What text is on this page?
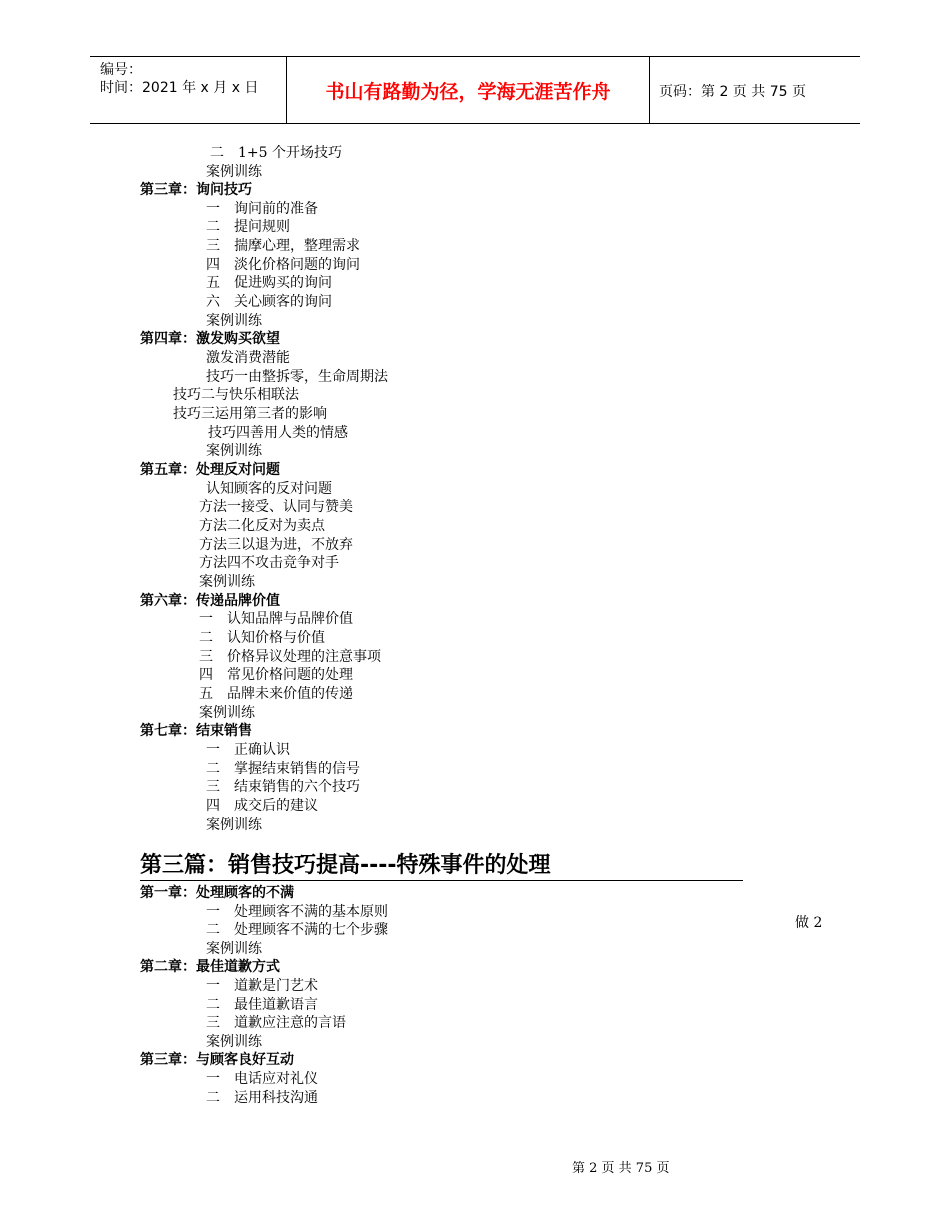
编号：
时间：2021 年 x 月 x 日	书山有路勤为径，学海无涯苦作舟	页码：第 2 页 共 75 页
二　1+5 个开场技巧
案例训练
第三章：询问技巧
一　询问前的准备
二　提问规则
三　揣摩心理，整理需求
四　淡化价格问题的询问
五　促进购买的询问
六　关心顾客的询问
案例训练
第四章：激发购买欲望
激发消费潜能
技巧一由整拆零，生命周期法
技巧二与快乐相联法
技巧三运用第三者的影响
技巧四善用人类的情感
案例训练
第五章：处理反对问题
认知顾客的反对问题
方法一接受、认同与赞美
方法二化反对为卖点
方法三以退为进，不放弃
方法四不攻击竞争对手
案例训练
第六章：传递品牌价值
一　认知品牌与品牌价值
二　认知价格与价值
三　价格异议处理的注意事项
四　常见价格问题的处理
五　品牌未来价值的传递
案例训练
第七章：结束销售
一　正确认识
二　掌握结束销售的信号
三　结束销售的六个技巧
四　成交后的建议
案例训练
第三篇：销售技巧提高----特殊事件的处理
第一章：处理顾客的不满
一　处理顾客不满的基本原则
二　处理顾客不满的七个步骤
案例训练
第二章：最佳道歉方式
一　道歉是门艺术
二　最佳道歉语言
三　道歉应注意的言语
案例训练
第三章：与顾客良好互动
一　电话应对礼仪
二　运用科技沟通
做 2
第 2 页 共 75 页
